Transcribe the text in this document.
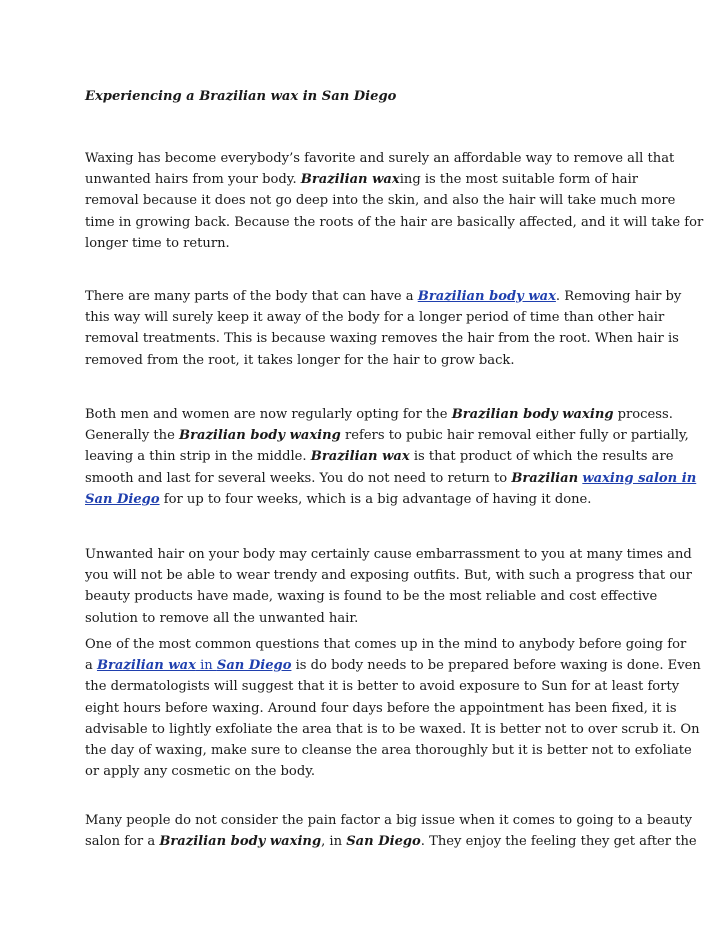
Experiencing a Brazilian wax in San Diego

Waxing has become everybody’s favorite and surely an affordable way to remove all that
unwanted hairs from your body. Brazilian waxing is the most suitable form of hair
removal because it does not go deep into the skin, and also the hair will take much more
time in growing back. Because the roots of the hair are basically affected, and it will take for
longer time to return.

There are many parts of the body that can have a Brazilian body wax. Removing hair by
this way will surely keep it away of the body for a longer period of time than other hair
removal treatments. This is because waxing removes the hair from the root. When hair is
removed from the root, it takes longer for the hair to grow back.

Both men and women are now regularly opting for the Brazilian body waxing process.
Generally the Brazilian body waxing refers to pubic hair removal either fully or partially,
leaving a thin strip in the middle. Brazilian wax is that product of which the results are
smooth and last for several weeks. You do not need to return to Brazilian waxing salon in
San Diego for up to four weeks, which is a big advantage of having it done.

Unwanted hair on your body may certainly cause embarrassment to you at many times and
you will not be able to wear trendy and exposing outfits. But, with such a progress that our
beauty products have made, waxing is found to be the most reliable and cost effective
solution to remove all the unwanted hair.

One of the most common questions that comes up in the mind to anybody before going for
a Brazilian wax in San Diego is do body needs to be prepared before waxing is done. Even
the dermatologists will suggest that it is better to avoid exposure to Sun for at least forty
eight hours before waxing. Around four days before the appointment has been fixed, it is
advisable to lightly exfoliate the area that is to be waxed. It is better not to over scrub it. On
the day of waxing, make sure to cleanse the area thoroughly but it is better not to exfoliate
or apply any cosmetic on the body.

Many people do not consider the pain factor a big issue when it comes to going to a beauty
salon for a Brazilian body waxing, in San Diego. They enjoy the feeling they get after the
